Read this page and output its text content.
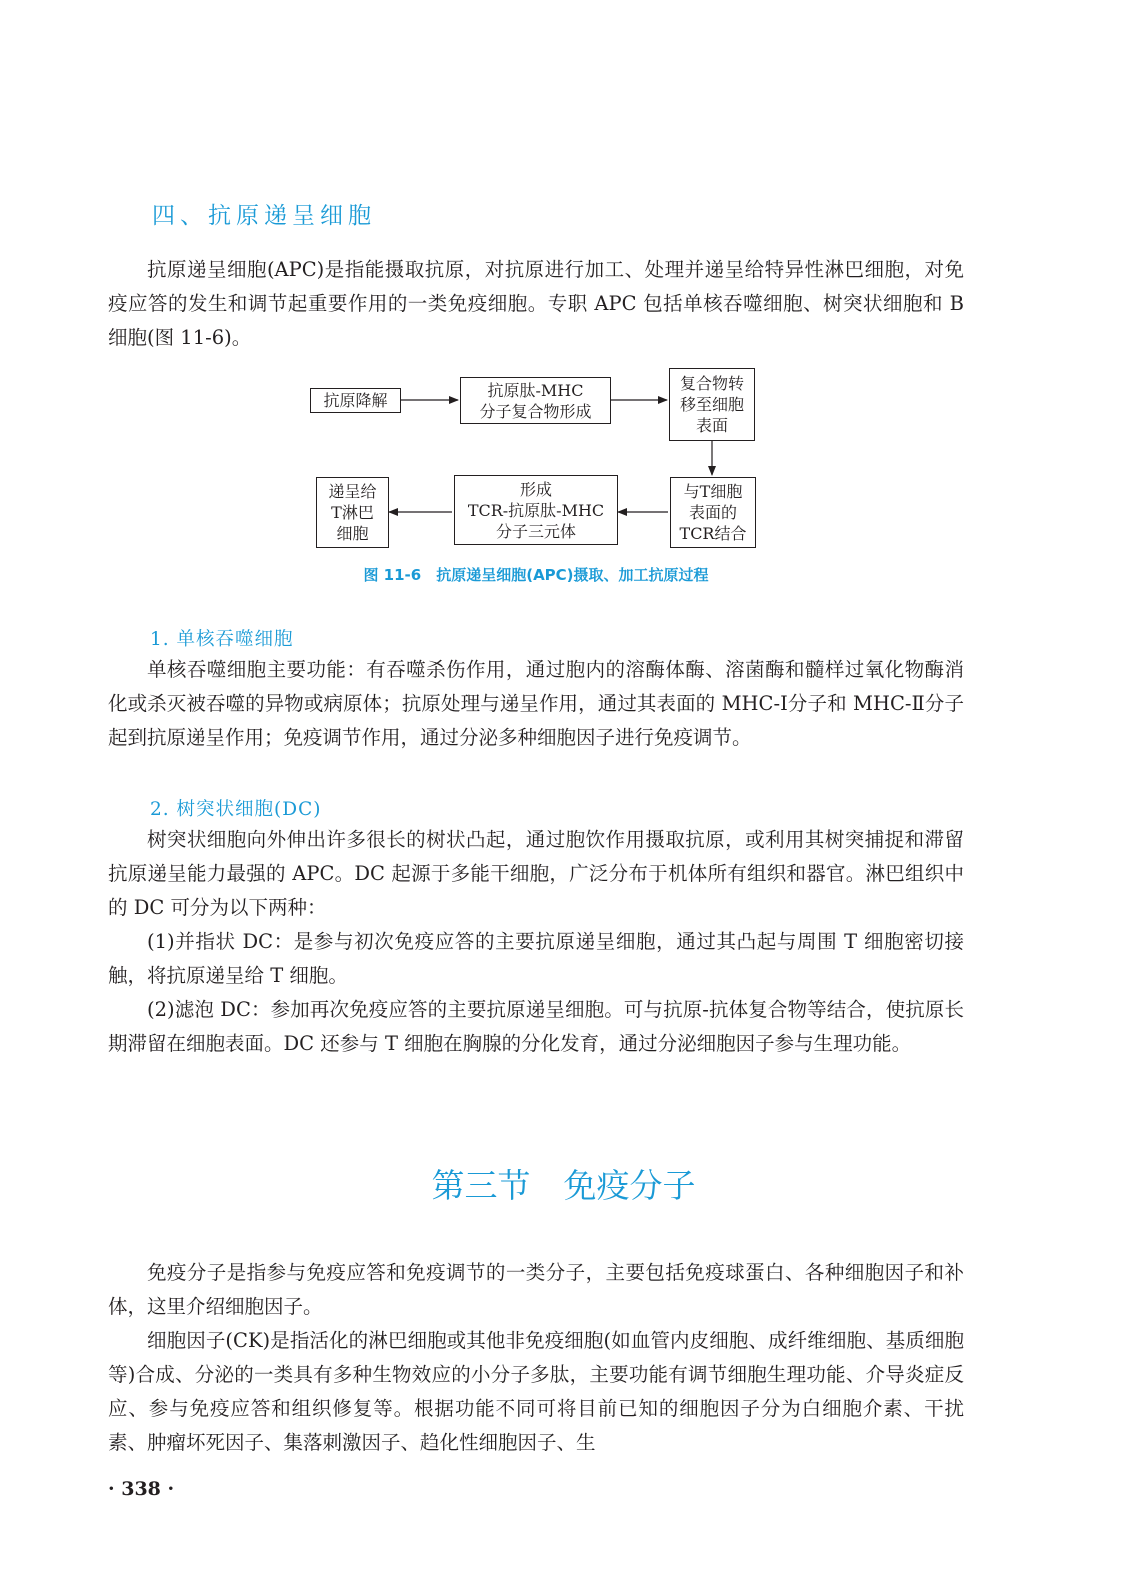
四、抗原递呈细胞

抗原递呈细胞(APC)是指能摄取抗原，对抗原进行加工、处理并递呈给特异性淋巴细胞，对免疫应答的发生和调节起重要作用的一类免疫细胞。专职 APC 包括单核吞噬细胞、树突状细胞和 B 细胞(图 11-6)。

抗原降解
抗原肽-MHC
分子复合物形成
复合物转
移至细胞
表面
与T细胞
表面的
TCR结合
形成
TCR-抗原肽-MHC
分子三元体
递呈给
T淋巴
细胞

图 11-6　抗原递呈细胞(APC)摄取、加工抗原过程

1. 单核吞噬细胞

单核吞噬细胞主要功能：有吞噬杀伤作用，通过胞内的溶酶体酶、溶菌酶和髓样过氧化物酶消化或杀灭被吞噬的异物或病原体；抗原处理与递呈作用，通过其表面的 MHC-Ⅰ分子和 MHC-Ⅱ分子起到抗原递呈作用；免疫调节作用，通过分泌多种细胞因子进行免疫调节。

2. 树突状细胞(DC)

树突状细胞向外伸出许多很长的树状凸起，通过胞饮作用摄取抗原，或利用其树突捕捉和滞留抗原递呈能力最强的 APC。DC 起源于多能干细胞，广泛分布于机体所有组织和器官。淋巴组织中的 DC 可分为以下两种：

(1)并指状 DC：是参与初次免疫应答的主要抗原递呈细胞，通过其凸起与周围 T 细胞密切接触，将抗原递呈给 T 细胞。

(2)滤泡 DC：参加再次免疫应答的主要抗原递呈细胞。可与抗原-抗体复合物等结合，使抗原长期滞留在细胞表面。DC 还参与 T 细胞在胸腺的分化发育，通过分泌细胞因子参与生理功能。

第三节　免疫分子

免疫分子是指参与免疫应答和免疫调节的一类分子，主要包括免疫球蛋白、各种细胞因子和补体，这里介绍细胞因子。

细胞因子(CK)是指活化的淋巴细胞或其他非免疫细胞(如血管内皮细胞、成纤维细胞、基质细胞等)合成、分泌的一类具有多种生物效应的小分子多肽，主要功能有调节细胞生理功能、介导炎症反应、参与免疫应答和组织修复等。根据功能不同可将目前已知的细胞因子分为白细胞介素、干扰素、肿瘤坏死因子、集落刺激因子、趋化性细胞因子、生

· 338 ·
